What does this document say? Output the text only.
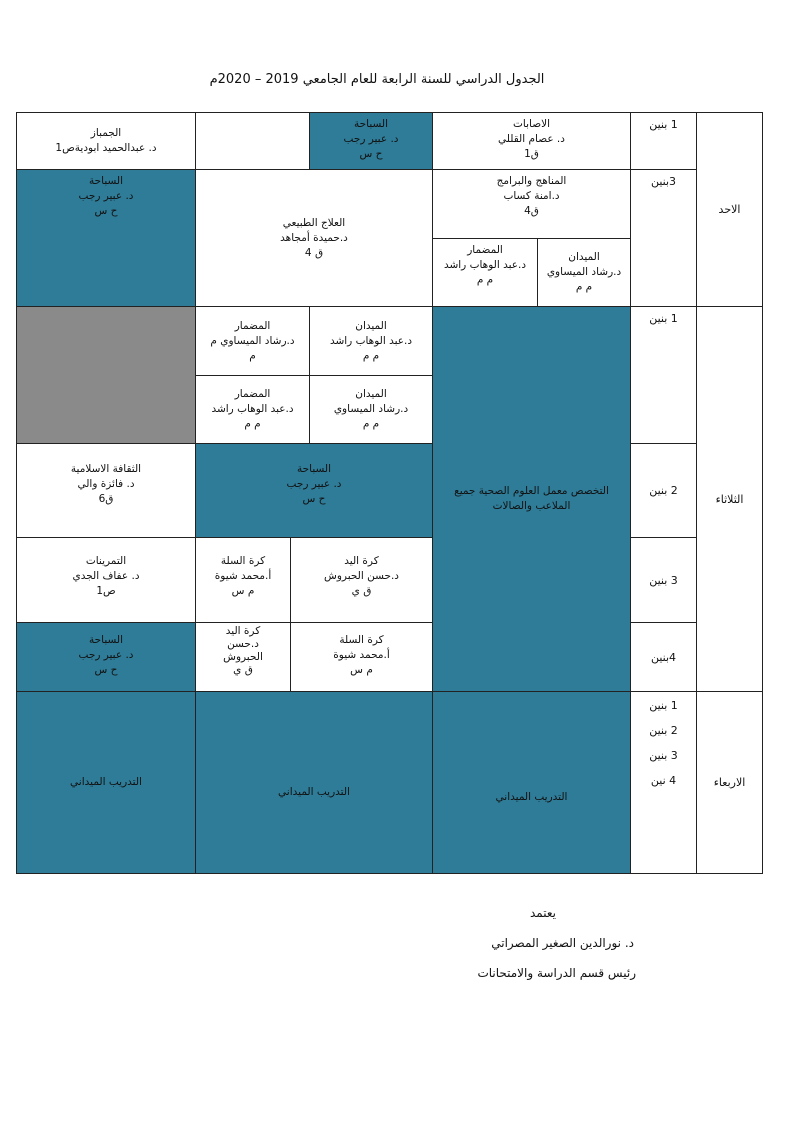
الجدول الدراسي للسنة الرابعة للعام الجامعي 2019 – 2020م
الاحد
الثلاثاء
الاربعاء
1 بنين
3بنين
1 بنين
2 بنين
3 بنين
4بنين
1 بنين
2 بنين
3 بنين
4 نين
الاصابات
د. عصام القللي
ق1
السباحة
د. عبير رجب
ح س
الجمباز
د. عبدالحميد ابوديةص1
المناهج والبرامج
د.امنة كساب
ق4
الميدان
د.رشاد الميساوي
م م
المضمار
د.عبد الوهاب راشد
م م
العلاج الطبيعي
د.حميدة أمجاهد
ق 4
السباحة
د. عبير رجب
ح س
التخصص معمل العلوم الصحية جميع
الملاعب والصالات
الميدان
د.عبد الوهاب راشد
م م
المضمار
د.رشاد الميساوي م
م
الميدان
د.رشاد الميساوي
م م
المضمار
د.عبد الوهاب راشد
م م
السباحة
د. عبير رجب
ح س
الثقافة الاسلامية
د. فائزة والي
ق6
كرة اليد
د.حسن الحبروش
ق ي
كرة السلة
أ.محمد شيوة
م س
التمرينات
د. عفاف الجدي
ص1
كرة السلة
أ.محمد شيوة
م س
كرة اليد
د.حسن
الحبروش
ق ي
السباحة
د. عبير رجب
ح س
التدريب الميداني
التدريب الميداني
التدريب الميداني
يعتمد
د. نورالدين الصغير المصراتي
رئيس قسم الدراسة والامتحانات
